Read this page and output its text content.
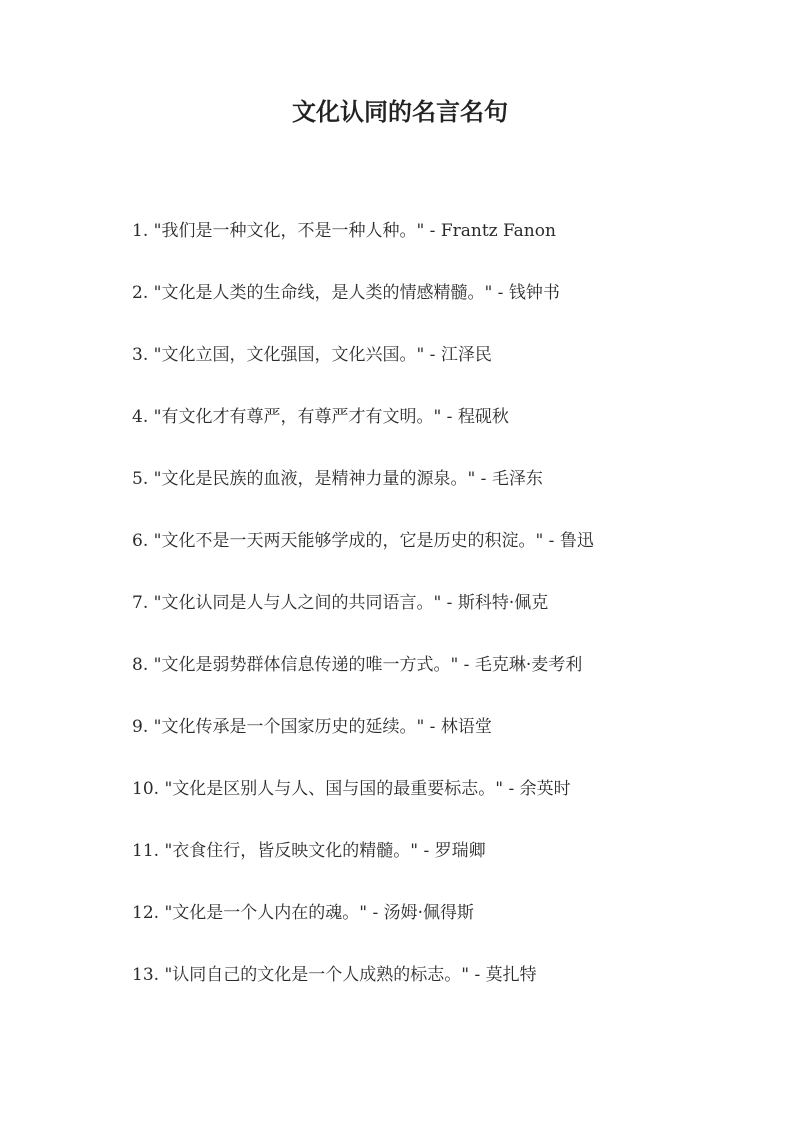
文化认同的名言名句
1. "我们是一种文化，不是一种人种。" - Frantz Fanon
2. "文化是人类的生命线，是人类的情感精髓。" - 钱钟书
3. "文化立国，文化强国，文化兴国。" - 江泽民
4. "有文化才有尊严，有尊严才有文明。" - 程砚秋
5. "文化是民族的血液，是精神力量的源泉。" - 毛泽东
6. "文化不是一天两天能够学成的，它是历史的积淀。" - 鲁迅
7. "文化认同是人与人之间的共同语言。" - 斯科特·佩克
8. "文化是弱势群体信息传递的唯一方式。" - 毛克琳·麦考利
9. "文化传承是一个国家历史的延续。" - 林语堂
10. "文化是区别人与人、国与国的最重要标志。" - 余英时
11. "衣食住行，皆反映文化的精髓。" - 罗瑞卿
12. "文化是一个人内在的魂。" - 汤姆·佩得斯
13. "认同自己的文化是一个人成熟的标志。" - 莫扎特
